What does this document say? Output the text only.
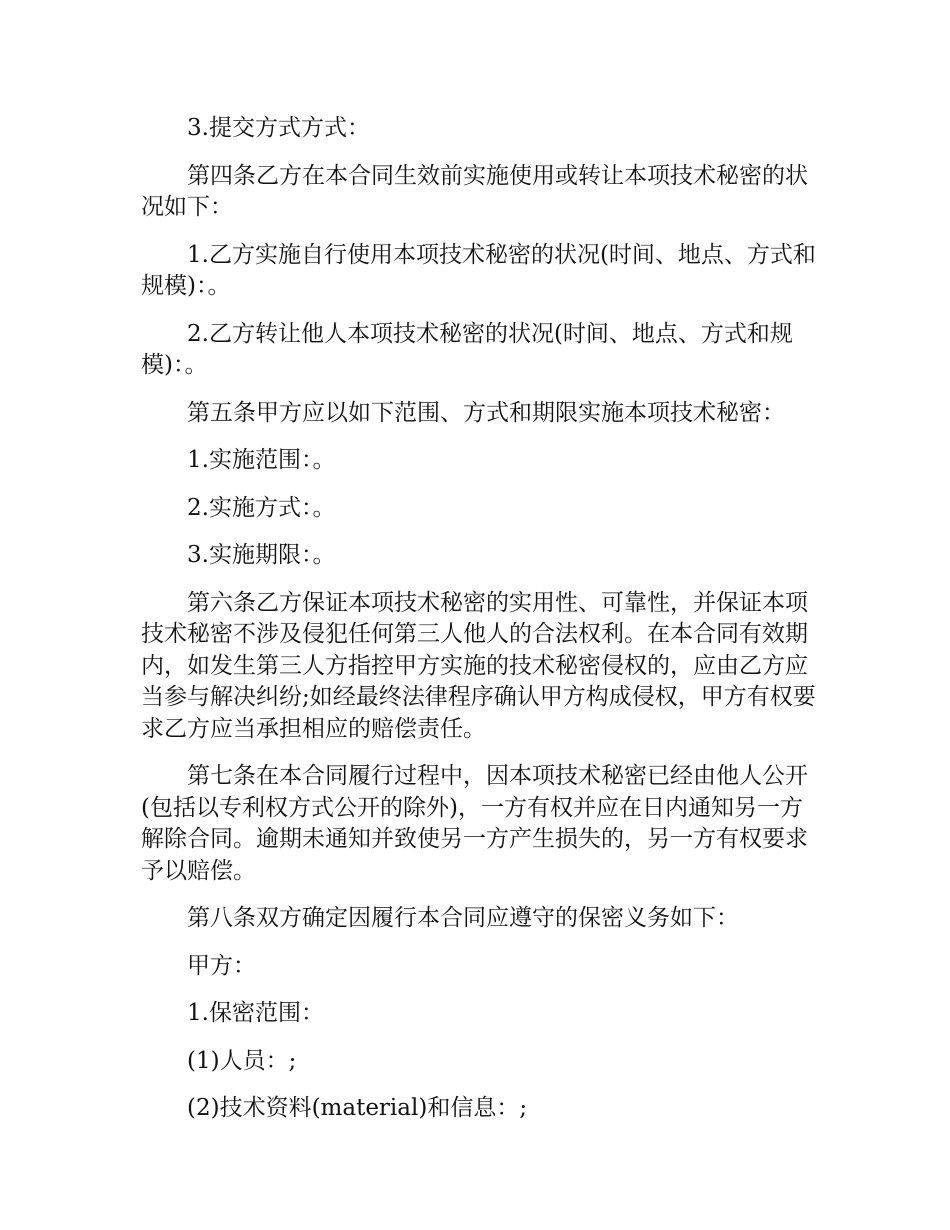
3.提交方式方式：

第四条乙方在本合同生效前实施使用或转让本项技术秘密的状况如下：

1.乙方实施自行使用本项技术秘密的状况(时间、地点、方式和规模)：。

2.乙方转让他人本项技术秘密的状况(时间、地点、方式和规模)：。

第五条甲方应以如下范围、方式和期限实施本项技术秘密：

1.实施范围：。

2.实施方式：。

3.实施期限：。

第六条乙方保证本项技术秘密的实用性、可靠性，并保证本项技术秘密不涉及侵犯任何第三人他人的合法权利。在本合同有效期内，如发生第三人方指控甲方实施的技术秘密侵权的，应由乙方应当参与解决纠纷;如经最终法律程序确认甲方构成侵权，甲方有权要求乙方应当承担相应的赔偿责任。

第七条在本合同履行过程中，因本项技术秘密已经由他人公开(包括以专利权方式公开的除外)，一方有权并应在日内通知另一方解除合同。逾期未通知并致使另一方产生损失的，另一方有权要求予以赔偿。

第八条双方确定因履行本合同应遵守的保密义务如下：

甲方：

1.保密范围：

(1)人员：;

(2)技术资料(material)和信息：;
